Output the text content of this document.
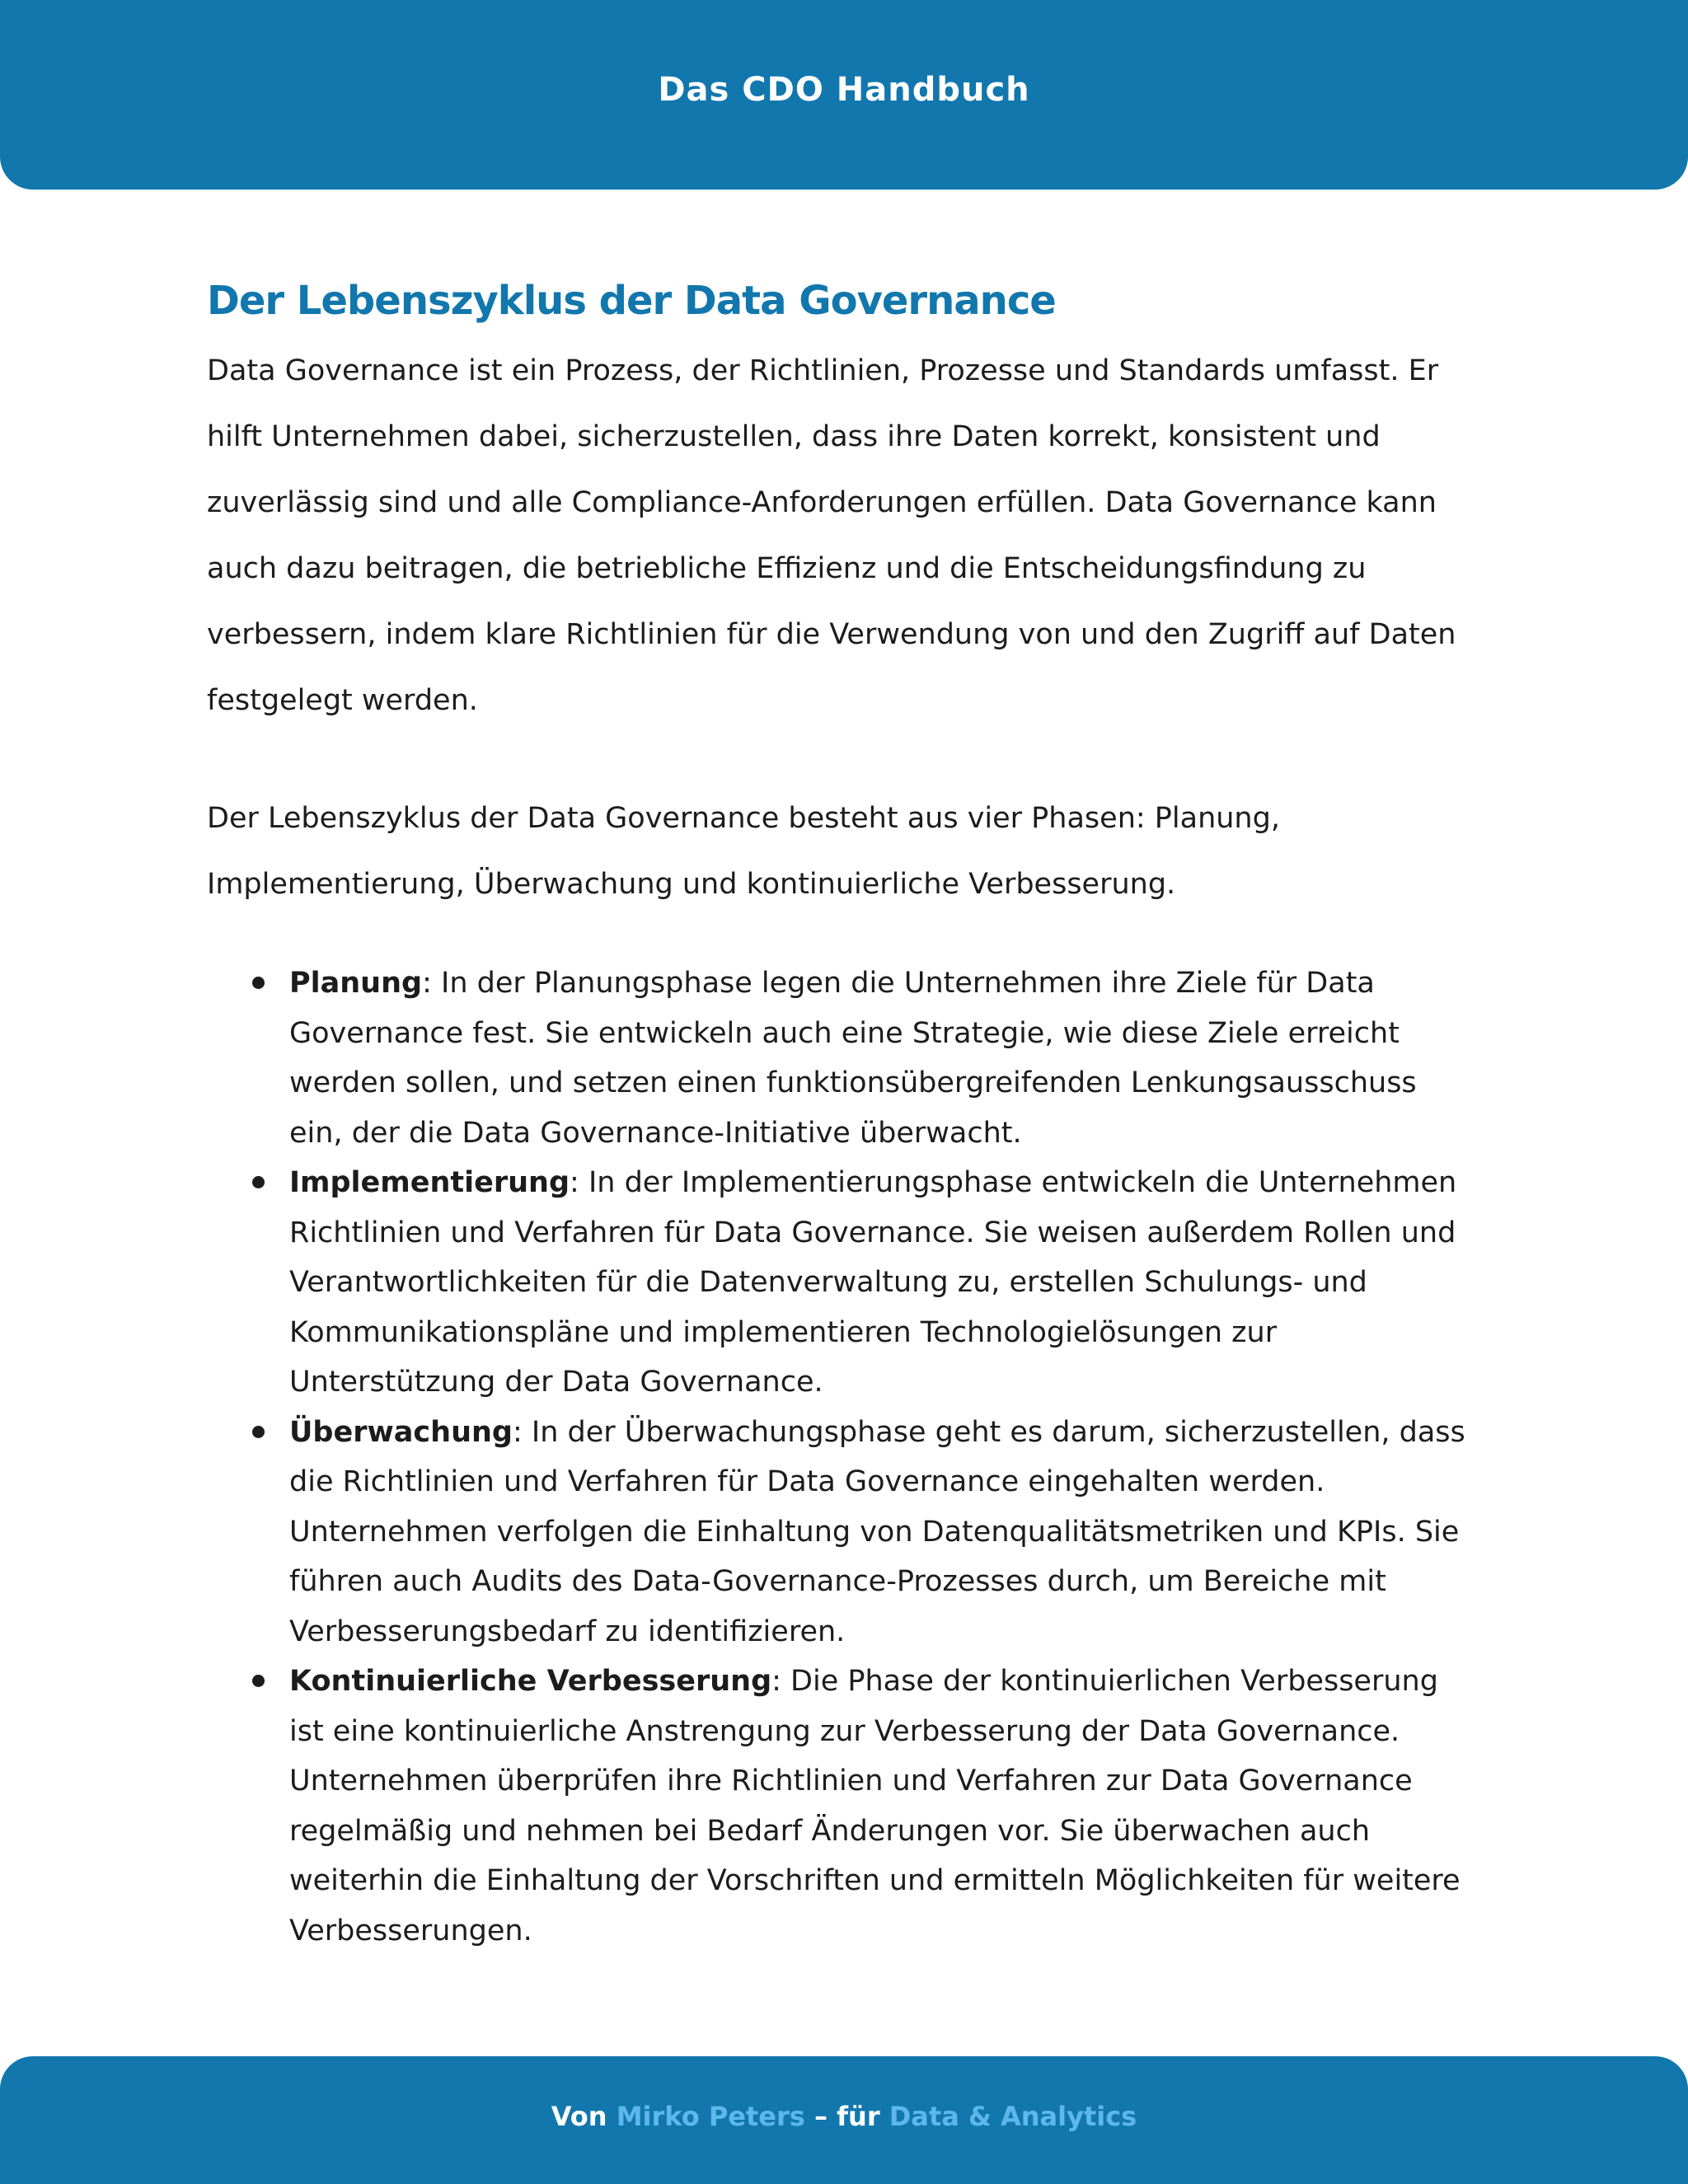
Das CDO Handbuch
Der Lebenszyklus der Data Governance

Data Governance ist ein Prozess, der Richtlinien, Prozesse und Standards umfasst. Er hilft Unternehmen dabei, sicherzustellen, dass ihre Daten korrekt, konsistent und zuverlässig sind und alle Compliance-Anforderungen erfüllen. Data Governance kann auch dazu beitragen, die betriebliche Effizienz und die Entscheidungsfindung zu verbessern, indem klare Richtlinien für die Verwendung von und den Zugriff auf Daten festgelegt werden.

Der Lebenszyklus der Data Governance besteht aus vier Phasen: Planung, Implementierung, Überwachung und kontinuierliche Verbesserung.

Planung: In der Planungsphase legen die Unternehmen ihre Ziele für Data Governance fest. Sie entwickeln auch eine Strategie, wie diese Ziele erreicht werden sollen, und setzen einen funktionsübergreifenden Lenkungsausschuss ein, der die Data Governance-Initiative überwacht.
Implementierung: In der Implementierungsphase entwickeln die Unternehmen Richtlinien und Verfahren für Data Governance. Sie weisen außerdem Rollen und Verantwortlichkeiten für die Datenverwaltung zu, erstellen Schulungs- und Kommunikationspläne und implementieren Technologielösungen zur Unterstützung der Data Governance.
Überwachung: In der Überwachungsphase geht es darum, sicherzustellen, dass die Richtlinien und Verfahren für Data Governance eingehalten werden. Unternehmen verfolgen die Einhaltung von Datenqualitätsmetriken und KPIs. Sie führen auch Audits des Data-Governance-Prozesses durch, um Bereiche mit Verbesserungsbedarf zu identifizieren.
Kontinuierliche Verbesserung: Die Phase der kontinuierlichen Verbesserung ist eine kontinuierliche Anstrengung zur Verbesserung der Data Governance. Unternehmen überprüfen ihre Richtlinien und Verfahren zur Data Governance regelmäßig und nehmen bei Bedarf Änderungen vor. Sie überwachen auch weiterhin die Einhaltung der Vorschriften und ermitteln Möglichkeiten für weitere Verbesserungen.
Von Mirko Peters – für Data & Analytics
